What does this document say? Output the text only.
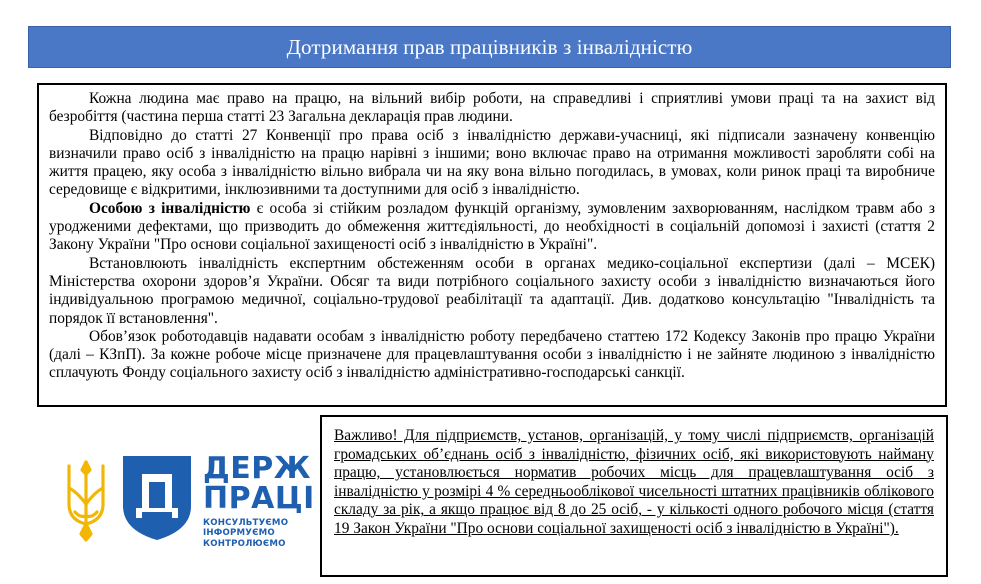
Дотримання прав працівників з інвалідністю

Кожна людина має право на працю, на вільний вибір роботи, на справедливі і сприятливі умови праці та на захист від безробіття (частина перша статті 23 Загальна декларація прав людини.

Відповідно до статті 27 Конвенції про права осіб з інвалідністю держави-учасниці, які підписали зазначену конвенцію визначили право осіб з інвалідністю на працю нарівні з іншими; воно включає право на отримання можливості заробляти собі на життя працею, яку особа з інвалідністю вільно вибрала чи на яку вона вільно погодилась, в умовах, коли ринок праці та виробниче середовище є відкритими, інклюзивними та доступними для осіб з інвалідністю.

Особою з інвалідністю є особа зі стійким розладом функцій організму, зумовленим захворюванням, наслідком травм або з уродженими дефектами, що призводить до обмеження життєдіяльності, до необхідності в соціальній допомозі і захисті (стаття 2 Закону України "Про основи соціальної захищеності осіб з інвалідністю в Україні".

Встановлюють інвалідність експертним обстеженням особи в органах медико-соціальної експертизи (далі – МСЕК) Міністерства охорони здоров’я України. Обсяг та види потрібного соціального захисту особи з інвалідністю визначаються його індивідуальною програмою медичної, соціально-трудової реабілітації та адаптації. Див. додатково консультацію "Інвалідність та порядок її встановлення".

Обов’язок роботодавців надавати особам з інвалідністю роботу передбачено статтею 172 Кодексу Законів про працю України (далі – КЗпП). За кожне робоче місце призначене для працевлаштування особи з інвалідністю і не зайняте людиною з інвалідністю сплачують Фонду соціального захисту осіб з інвалідністю адміністративно-господарські санкції.

ДЕРЖ
ПРАЦІ
КОНСУЛЬТУЄМО
ІНФОРМУЄМО
КОНТРОЛЮЄМО
Важливо! Для підприємств, установ, організацій, у тому числі підприємств, організацій громадських об’єднань осіб з інвалідністю, фізичних осіб, які використовують найману працю, установлюється норматив робочих місць для працевлаштування осіб з інвалідністю у розмірі 4 % середньооблікової чисельності штатних працівників облікового складу за рік, а якщо працює від 8 до 25 осіб, - у кількості одного робочого місця (стаття 19 Закон України "Про основи соціальної захищеності осіб з інвалідністю в Україні").
